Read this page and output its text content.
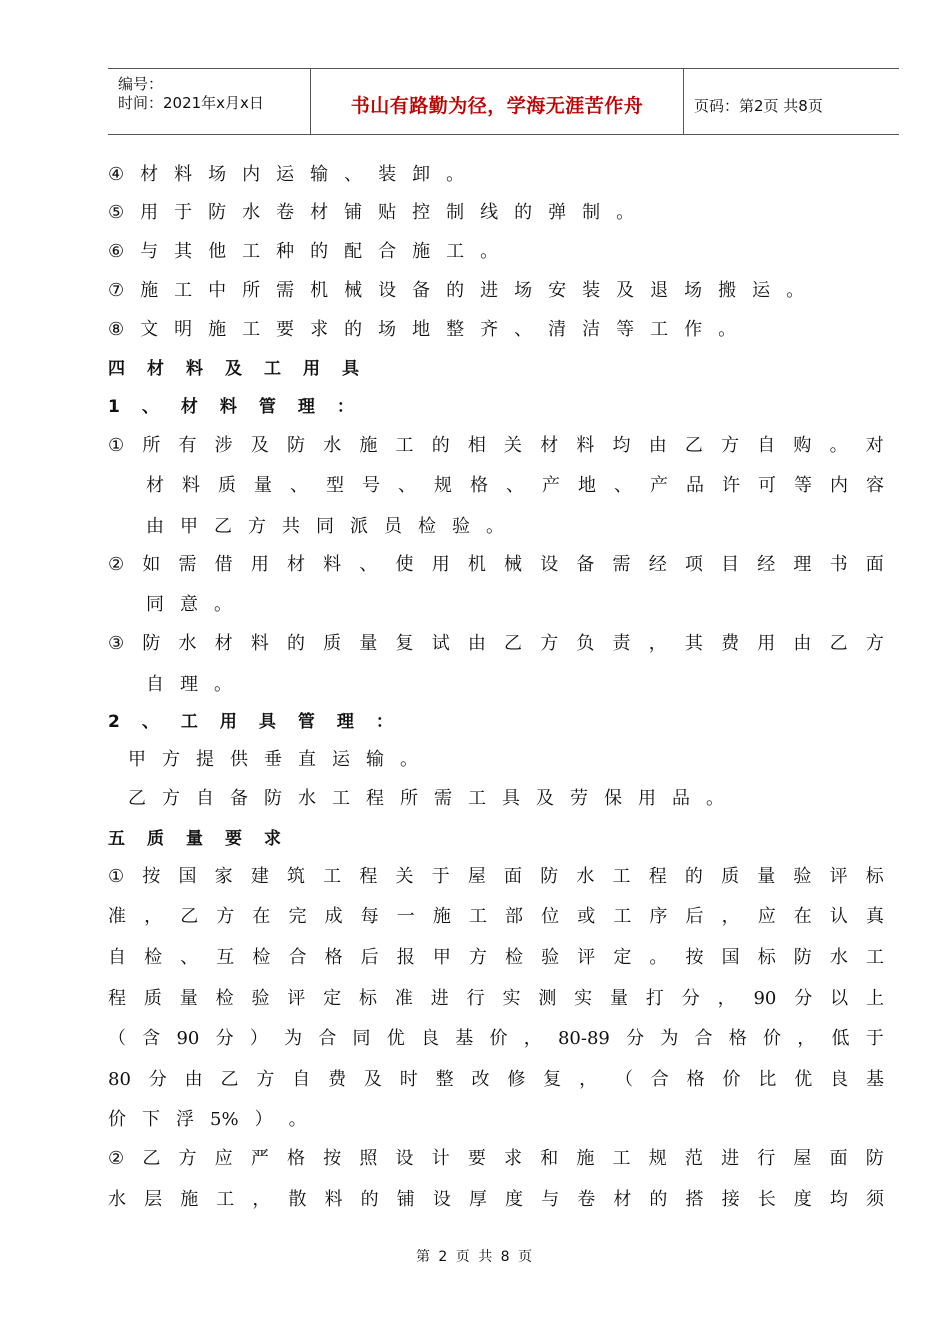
编号：
时间：2021年x月x日	书山有路勤为径，学海无涯苦作舟	页码：第2页 共8页
④ 材 料 场 内 运 输 、 装 卸 。
⑤ 用 于 防 水 卷 材 铺 贴 控 制 线 的 弹 制 。
⑥ 与 其 他 工 种 的 配 合 施 工 。
⑦ 施 工 中 所 需 机 械 设 备 的 进 场 安 装 及 退 场 搬 运 。
⑧ 文 明 施 工 要 求 的 场 地 整 齐 、 清 洁 等 工 作 。
四 材 料 及 工 用 具
1 、 材 料 管 理 ：
① 所 有 涉 及 防 水 施 工 的 相 关 材 料 均 由 乙 方 自 购 。 对
材 料 质 量 、 型 号 、 规 格 、 产 地 、 产 品 许 可 等 内 容
由 甲 乙 方 共 同 派 员 检 验 。
② 如 需 借 用 材 料 、 使 用 机 械 设 备 需 经 项 目 经 理 书 面
同 意 。
③ 防 水 材 料 的 质 量 复 试 由 乙 方 负 责 ， 其 费 用 由 乙 方
自 理 。
2 、 工 用 具 管 理 ：
甲 方 提 供 垂 直 运 输 。
乙 方 自 备 防 水 工 程 所 需 工 具 及 劳 保 用 品 。
五 质 量 要 求
① 按 国 家 建 筑 工 程 关 于 屋 面 防 水 工 程 的 质 量 验 评 标
准 ， 乙 方 在 完 成 每 一 施 工 部 位 或 工 序 后 ， 应 在 认 真
自 检 、 互 检 合 格 后 报 甲 方 检 验 评 定 。 按 国 标 防 水 工
程 质 量 检 验 评 定 标 准 进 行 实 测 实 量 打 分 ， 90 分 以 上
（ 含 90 分 ） 为 合 同 优 良 基 价 ， 80-89 分 为 合 格 价 ， 低 于
80 分 由 乙 方 自 费 及 时 整 改 修 复 ， （ 合 格 价 比 优 良 基
价 下 浮 5% ） 。
② 乙 方 应 严 格 按 照 设 计 要 求 和 施 工 规 范 进 行 屋 面 防
水 层 施 工 ， 散 料 的 铺 设 厚 度 与 卷 材 的 搭 接 长 度 均 须
第 2 页 共 8 页
